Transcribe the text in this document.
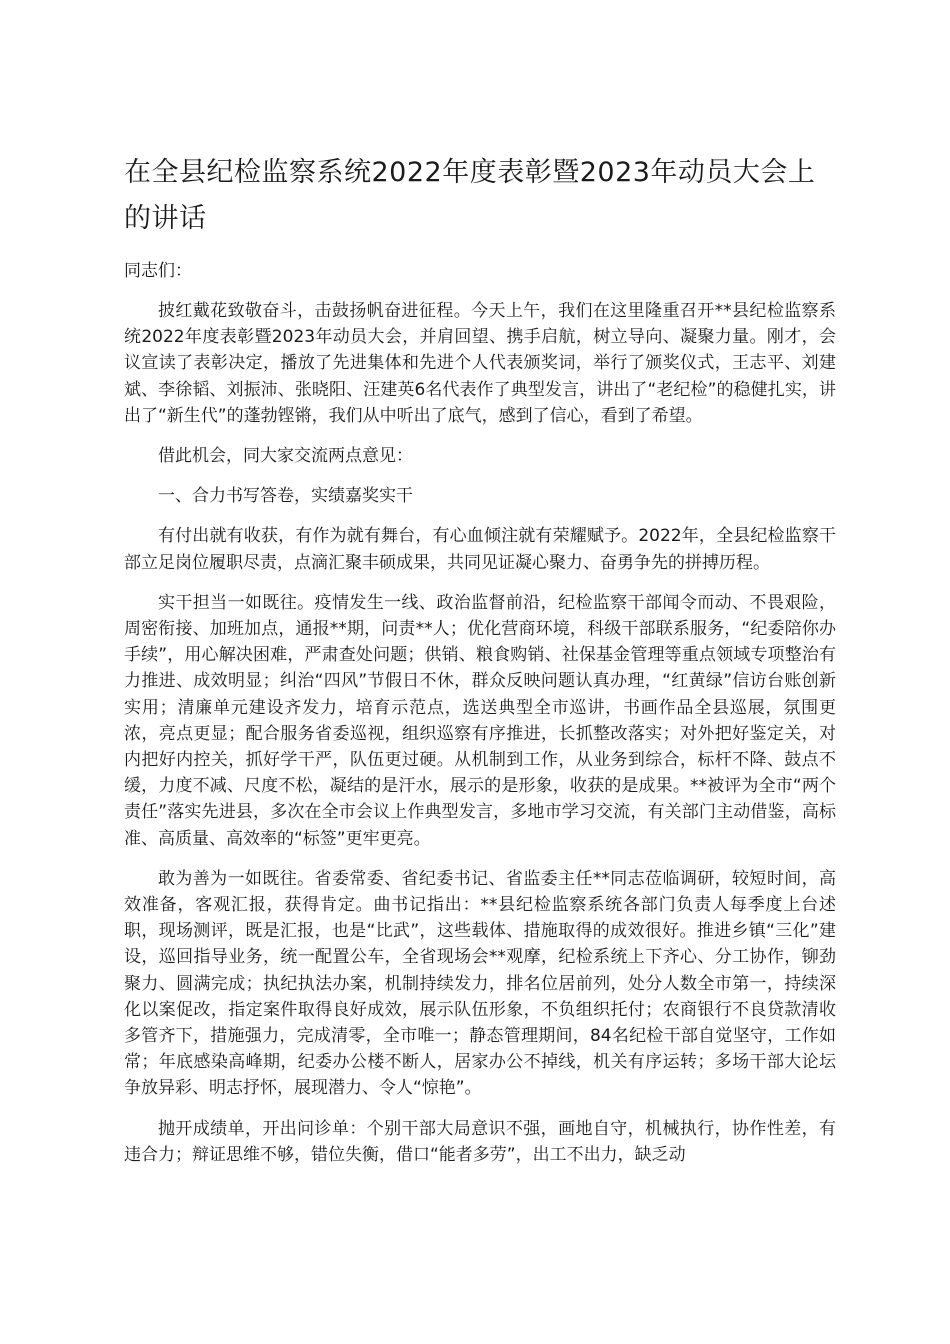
在全县纪检监察系统2022年度表彰暨2023年动员大会上的讲话

同志们：

披红戴花致敬奋斗，击鼓扬帆奋进征程。今天上午，我们在这里隆重召开**县纪检监察系统2022年度表彰暨2023年动员大会，并肩回望、携手启航，树立导向、凝聚力量。刚才，会议宣读了表彰决定，播放了先进集体和先进个人代表颁奖词，举行了颁奖仪式，王志平、刘建斌、李徐韬、刘振沛、张晓阳、汪建英6名代表作了典型发言，讲出了“老纪检”的稳健扎实，讲出了“新生代”的蓬勃铿锵，我们从中听出了底气，感到了信心，看到了希望。

借此机会，同大家交流两点意见：

一、合力书写答卷，实绩嘉奖实干

有付出就有收获，有作为就有舞台，有心血倾注就有荣耀赋予。2022年，全县纪检监察干部立足岗位履职尽责，点滴汇聚丰硕成果，共同见证凝心聚力、奋勇争先的拼搏历程。

实干担当一如既往。疫情发生一线、政治监督前沿，纪检监察干部闻令而动、不畏艰险，周密衔接、加班加点，通报**期，问责**人；优化营商环境，科级干部联系服务，“纪委陪你办手续”，用心解决困难，严肃查处问题；供销、粮食购销、社保基金管理等重点领域专项整治有力推进、成效明显；纠治“四风”节假日不休，群众反映问题认真办理，“红黄绿”信访台账创新实用；清廉单元建设齐发力，培育示范点，选送典型全市巡讲，书画作品全县巡展，氛围更浓，亮点更显；配合服务省委巡视，组织巡察有序推进，长抓整改落实；对外把好鉴定关，对内把好内控关，抓好学干严，队伍更过硬。从机制到工作，从业务到综合，标杆不降、鼓点不缓，力度不减、尺度不松，凝结的是汗水，展示的是形象，收获的是成果。**被评为全市“两个责任”落实先进县，多次在全市会议上作典型发言，多地市学习交流，有关部门主动借鉴，高标准、高质量、高效率的“标签”更牢更亮。

敢为善为一如既往。省委常委、省纪委书记、省监委主任**同志莅临调研，较短时间，高效准备，客观汇报，获得肯定。曲书记指出：**县纪检监察系统各部门负责人每季度上台述职，现场测评，既是汇报，也是“比武”，这些载体、措施取得的成效很好。推进乡镇“三化”建设，巡回指导业务，统一配置公车，全省现场会**观摩，纪检系统上下齐心、分工协作，铆劲聚力、圆满完成；执纪执法办案，机制持续发力，排名位居前列，处分人数全市第一，持续深化以案促改，指定案件取得良好成效，展示队伍形象，不负组织托付；农商银行不良贷款清收多管齐下，措施强力，完成清零，全市唯一；静态管理期间，84名纪检干部自觉坚守，工作如常；年底感染高峰期，纪委办公楼不断人，居家办公不掉线，机关有序运转；多场干部大论坛争放异彩、明志抒怀，展现潜力、令人“惊艳”。

抛开成绩单，开出问诊单：个别干部大局意识不强，画地自守，机械执行，协作性差，有违合力；辩证思维不够，错位失衡，借口“能者多劳”，出工不出力，缺乏动
